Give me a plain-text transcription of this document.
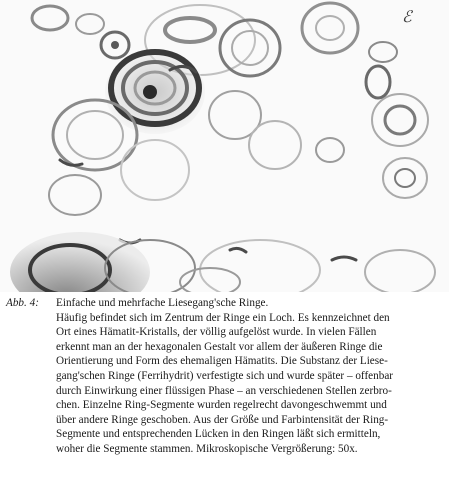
ℰ
Abb. 4:	Einfache und mehrfache Liesegang'sche Ringe.
Häufig befindet sich im Zentrum der Ringe ein Loch. Es kennzeichnet den
Ort eines Hämatit-Kristalls, der völlig aufgelöst wurde. In vielen Fällen
erkennt man an der hexagonalen Gestalt vor allem der äußeren Ringe die
Orientierung und Form des ehemaligen Hämatits. Die Substanz der Liese-
gang'schen Ringe (Ferrihydrit) verfestigte sich und wurde später – offenbar
durch Einwirkung einer flüssigen Phase – an verschiedenen Stellen zerbro-
chen. Einzelne Ring-Segmente wurden regelrecht davongeschwemmt und
über andere Ringe geschoben. Aus der Größe und Farbintensität der Ring-
Segmente und entsprechenden Lücken in den Ringen läßt sich ermitteln,
woher die Segmente stammen. Mikroskopische Vergrößerung: 50x.
